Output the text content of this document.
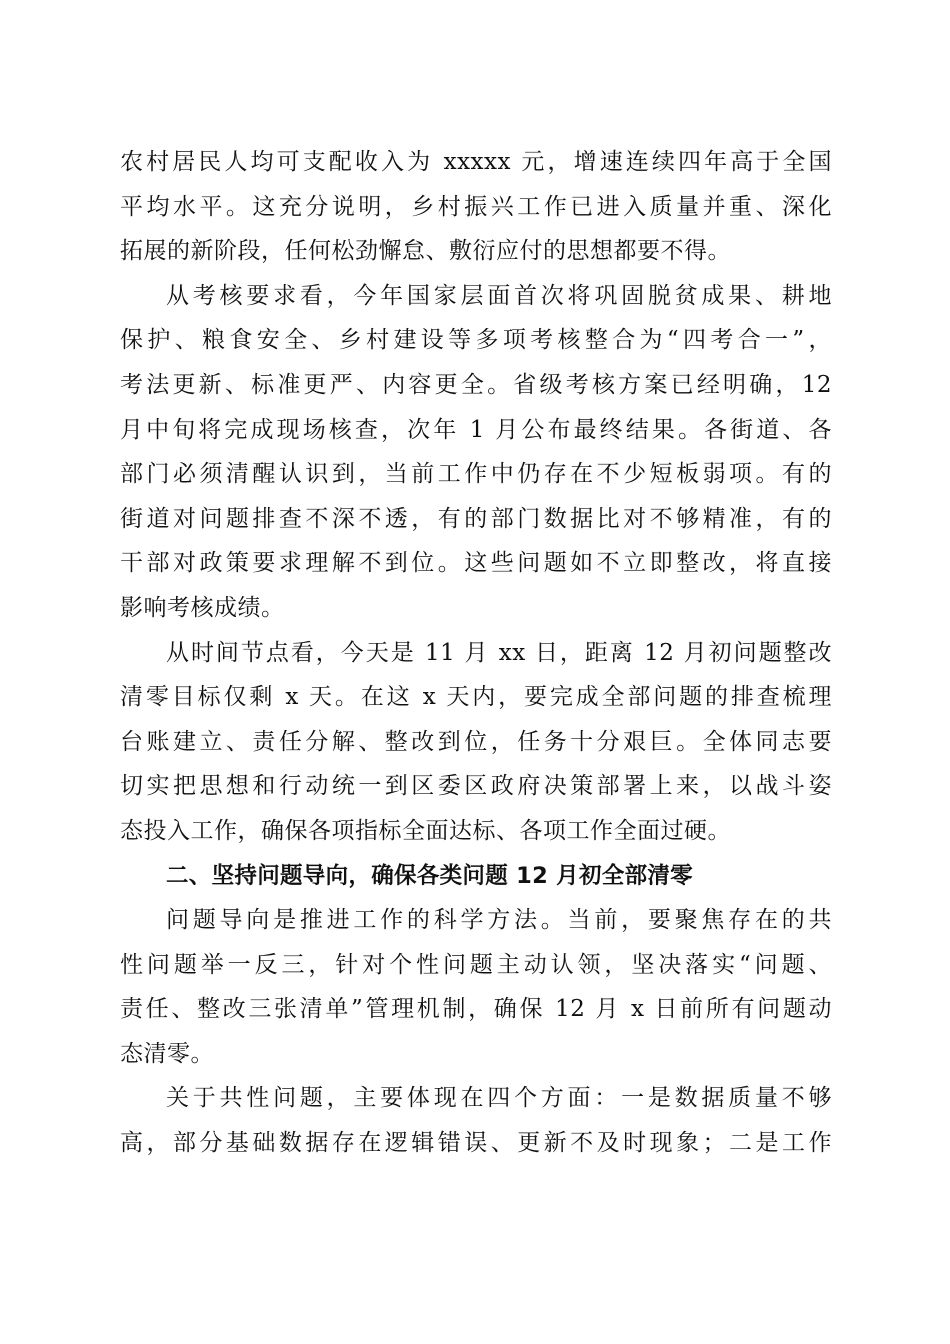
农村居民人均可支配收入为 xxxxx 元，增速连续四年高于全国
平均水平。这充分说明，乡村振兴工作已进入质量并重、深化
拓展的新阶段，任何松劲懈怠、敷衍应付的思想都要不得。
从考核要求看，今年国家层面首次将巩固脱贫成果、耕地
保护、粮食安全、乡村建设等多项考核整合为“四考合一”，
考法更新、标准更严、内容更全。省级考核方案已经明确，12
月中旬将完成现场核查，次年 1 月公布最终结果。各街道、各
部门必须清醒认识到，当前工作中仍存在不少短板弱项。有的
街道对问题排查不深不透，有的部门数据比对不够精准，有的
干部对政策要求理解不到位。这些问题如不立即整改，将直接
影响考核成绩。
从时间节点看，今天是 11 月 xx 日，距离 12 月初问题整改
清零目标仅剩 x 天。在这 x 天内，要完成全部问题的排查梳理
台账建立、责任分解、整改到位，任务十分艰巨。全体同志要
切实把思想和行动统一到区委区政府决策部署上来，以战斗姿
态投入工作，确保各项指标全面达标、各项工作全面过硬。
二、坚持问题导向，确保各类问题 12 月初全部清零
问题导向是推进工作的科学方法。当前，要聚焦存在的共
性问题举一反三，针对个性问题主动认领，坚决落实“问题、
责任、整改三张清单”管理机制，确保 12 月 x 日前所有问题动
态清零。
关于共性问题，主要体现在四个方面：一是数据质量不够
高，部分基础数据存在逻辑错误、更新不及时现象；二是工作
